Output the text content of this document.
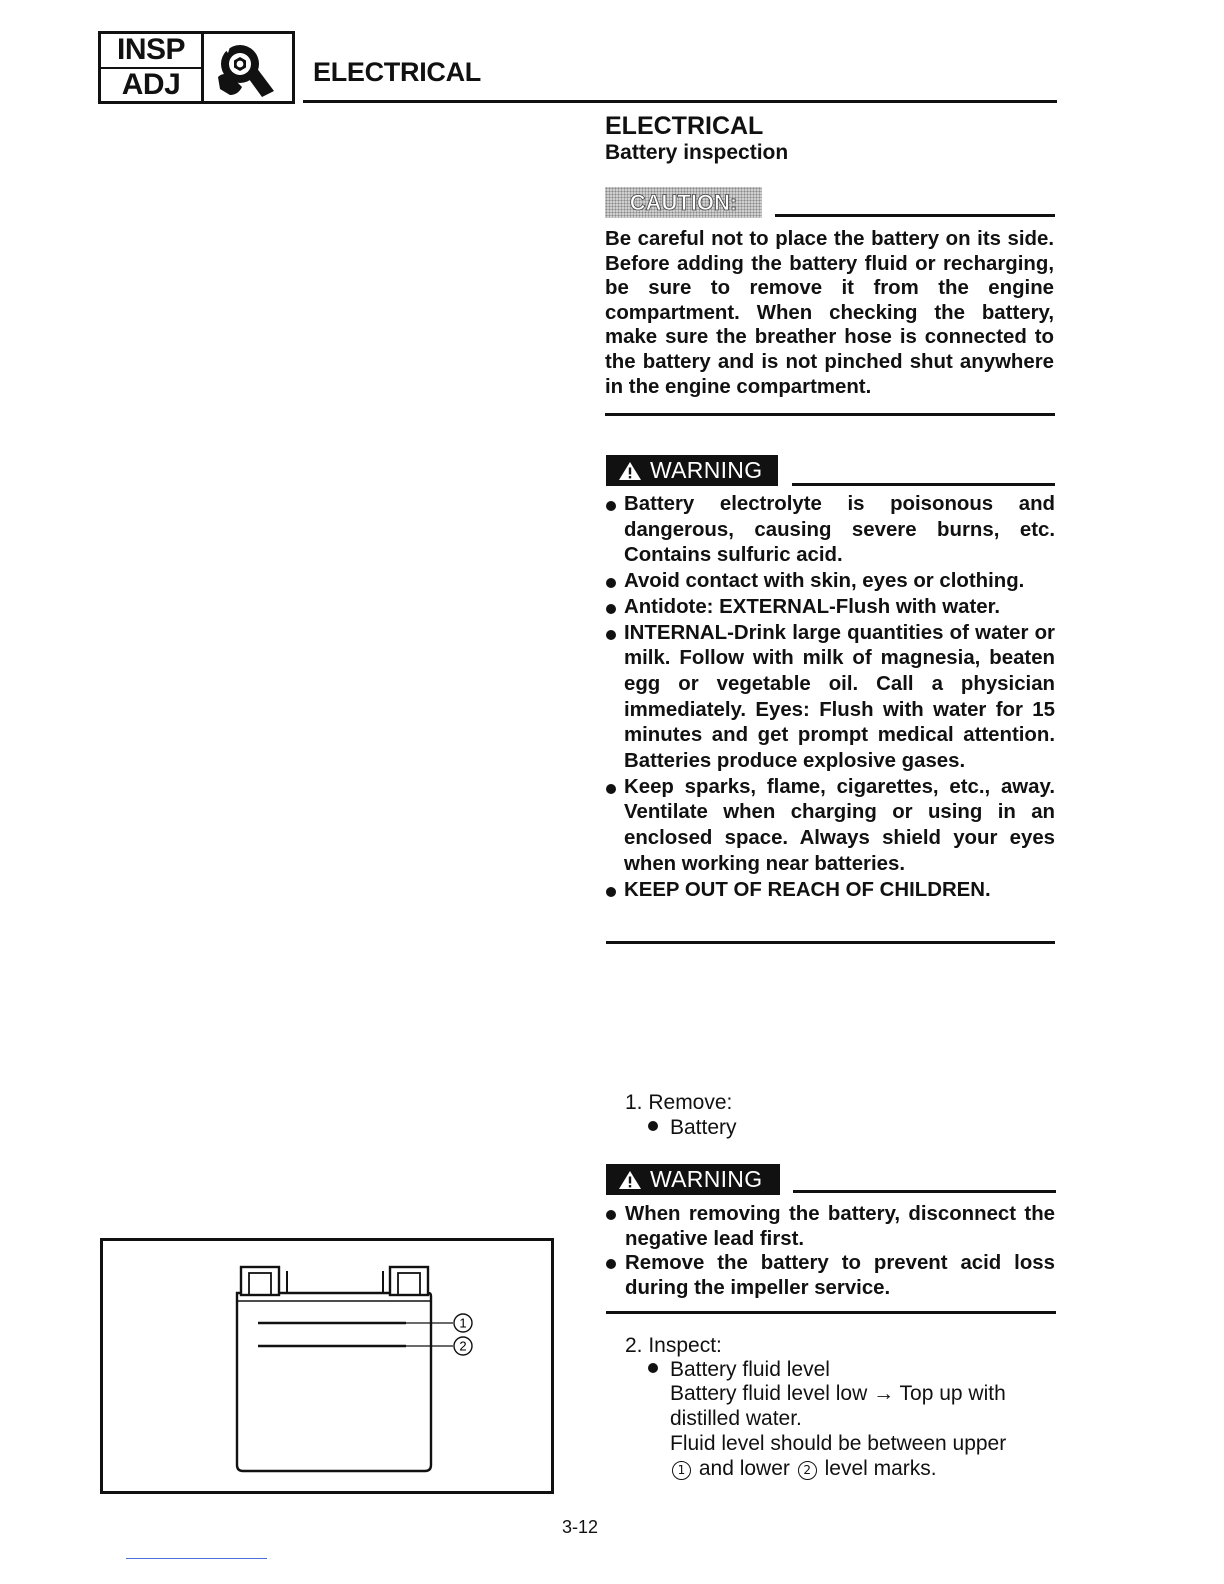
INSP
ADJ	ELECTRICAL
ELECTRICAL
Battery inspection
CAUTION:
Be careful not to place the battery on its side. Before adding the battery fluid or recharging, be sure to remove it from the engine compartment. When checking the battery, make sure the breather hose is connected to the battery and is not pinched shut anywhere in the engine compartment.
WARNING
Battery electrolyte is poisonous and dangerous, causing severe burns, etc. Contains sulfuric acid.
Avoid contact with skin, eyes or clothing.
Antidote: EXTERNAL-Flush with water.
INTERNAL-Drink large quantities of water or milk. Follow with milk of magnesia, beaten egg or vegetable oil. Call a physician immediately. Eyes: Flush with water for 15 minutes and get prompt medical attention. Batteries produce explosive gases.
Keep sparks, flame, cigarettes, etc., away. Ventilate when charging or using in an enclosed space. Always shield your eyes when working near batteries.
KEEP OUT OF REACH OF CHILDREN.
1. Remove:
Battery
WARNING
When removing the battery, disconnect the negative lead first.
Remove the battery to prevent acid loss during the impeller service.
2. Inspect:
Battery fluid level
Battery fluid level low → Top up with distilled water.
Fluid level should be between upper
1 and lower 2 level marks.
1
2
3-12
